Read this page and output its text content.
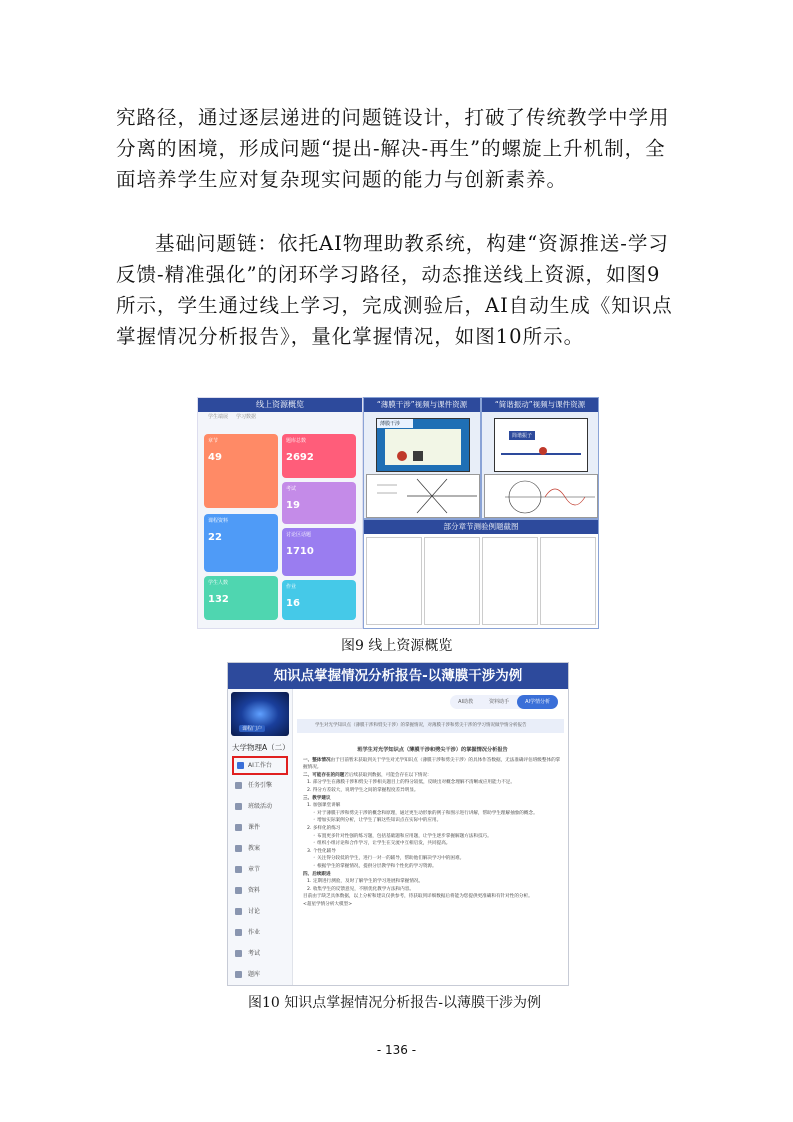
究路径，通过逐层递进的问题链设计，打破了传统教学中学用分离的困境，形成问题“提出-解决-再生”的螺旋上升机制，全面培养学生应对复杂现实问题的能力与创新素养。

基础问题链：依托AI物理助教系统，构建“资源推送-学习反馈-精准强化”的闭环学习路径，动态推送线上资源，如图9所示，学生通过线上学习，完成测验后，AI自动生成《知识点掌握情况分析报告》，量化掌握情况，如图10所示。

线上资源概览
学生端展 学习数据
章节
49
题库总数
2692
考试
19
课程资料
22	讨论区话题
1710
学生人数
132
作业
16
“薄膜干涉”视频与课件资源
薄膜干涉
“简谐振动”视频与课件资源
简谐振子
部分章节测验例题截图
图9 线上资源概览
知识点掌握情况分析报告-以薄膜干涉为例
课程门户
大学物理A（二）
AI工作台
任务引擎
班级活动
课件
教案
章节
资料
讨论
作业
考试
题库
AI助教	资料助手	AI学情分析
学生对光学知识点（薄膜干涉和劈尖干涉）的掌握情况，对薄膜干涉和劈尖干涉的学习情况做学情分析报告
班学生对光学知识点（薄膜干涉和劈尖干涉）的掌握情况分析报告
一、整体情况由于目前暂未获取到关于学生对光学知识点（薄膜干涉和劈尖干涉）的具体作答数据，无法准确评估班级整体的掌握情况。
二、可能存在的问题若后续获取到数据，可能会存在以下情况：
1. 部分学生在薄膜干涉和劈尖干涉相关题目上的得分较低，反映出对概念理解不清晰或应用能力不足。
2. 得分方差较大，说明学生之间的掌握程度差异明显。
三、教学建议
1. 加强课堂讲解
◦ 对于薄膜干涉和劈尖干涉的概念和原理，通过更生动形象的例子和图示进行讲解，帮助学生理解抽象的概念。
◦ 增加实际案例分析，让学生了解这些知识点在实际中的应用。
2. 多样化的练习
◦ 布置更多针对性强的练习题，包括基础题和应用题，让学生逐步掌握解题方法和技巧。
◦ 组织小组讨论和合作学习，让学生在交流中互相启发，共同提高。
3. 个性化辅导
◦ 关注得分较低的学生，进行一对一的辅导，帮助他们解决学习中的困难。
◦ 根据学生的掌握情况，提供分层教学和个性化的学习资源。
四、后续跟进
1. 定期进行测验，及时了解学生的学习进展和掌握情况。
2. 收集学生的反馈意见，不断优化教学方法和内容。
目前由于缺乏具体数据，以上分析和建议仅供参考，待获取到详细数据后将能为您提供更准确和有针对性的分析。
<超星学情分析大模型>
图10 知识点掌握情况分析报告-以薄膜干涉为例
- 136 -
